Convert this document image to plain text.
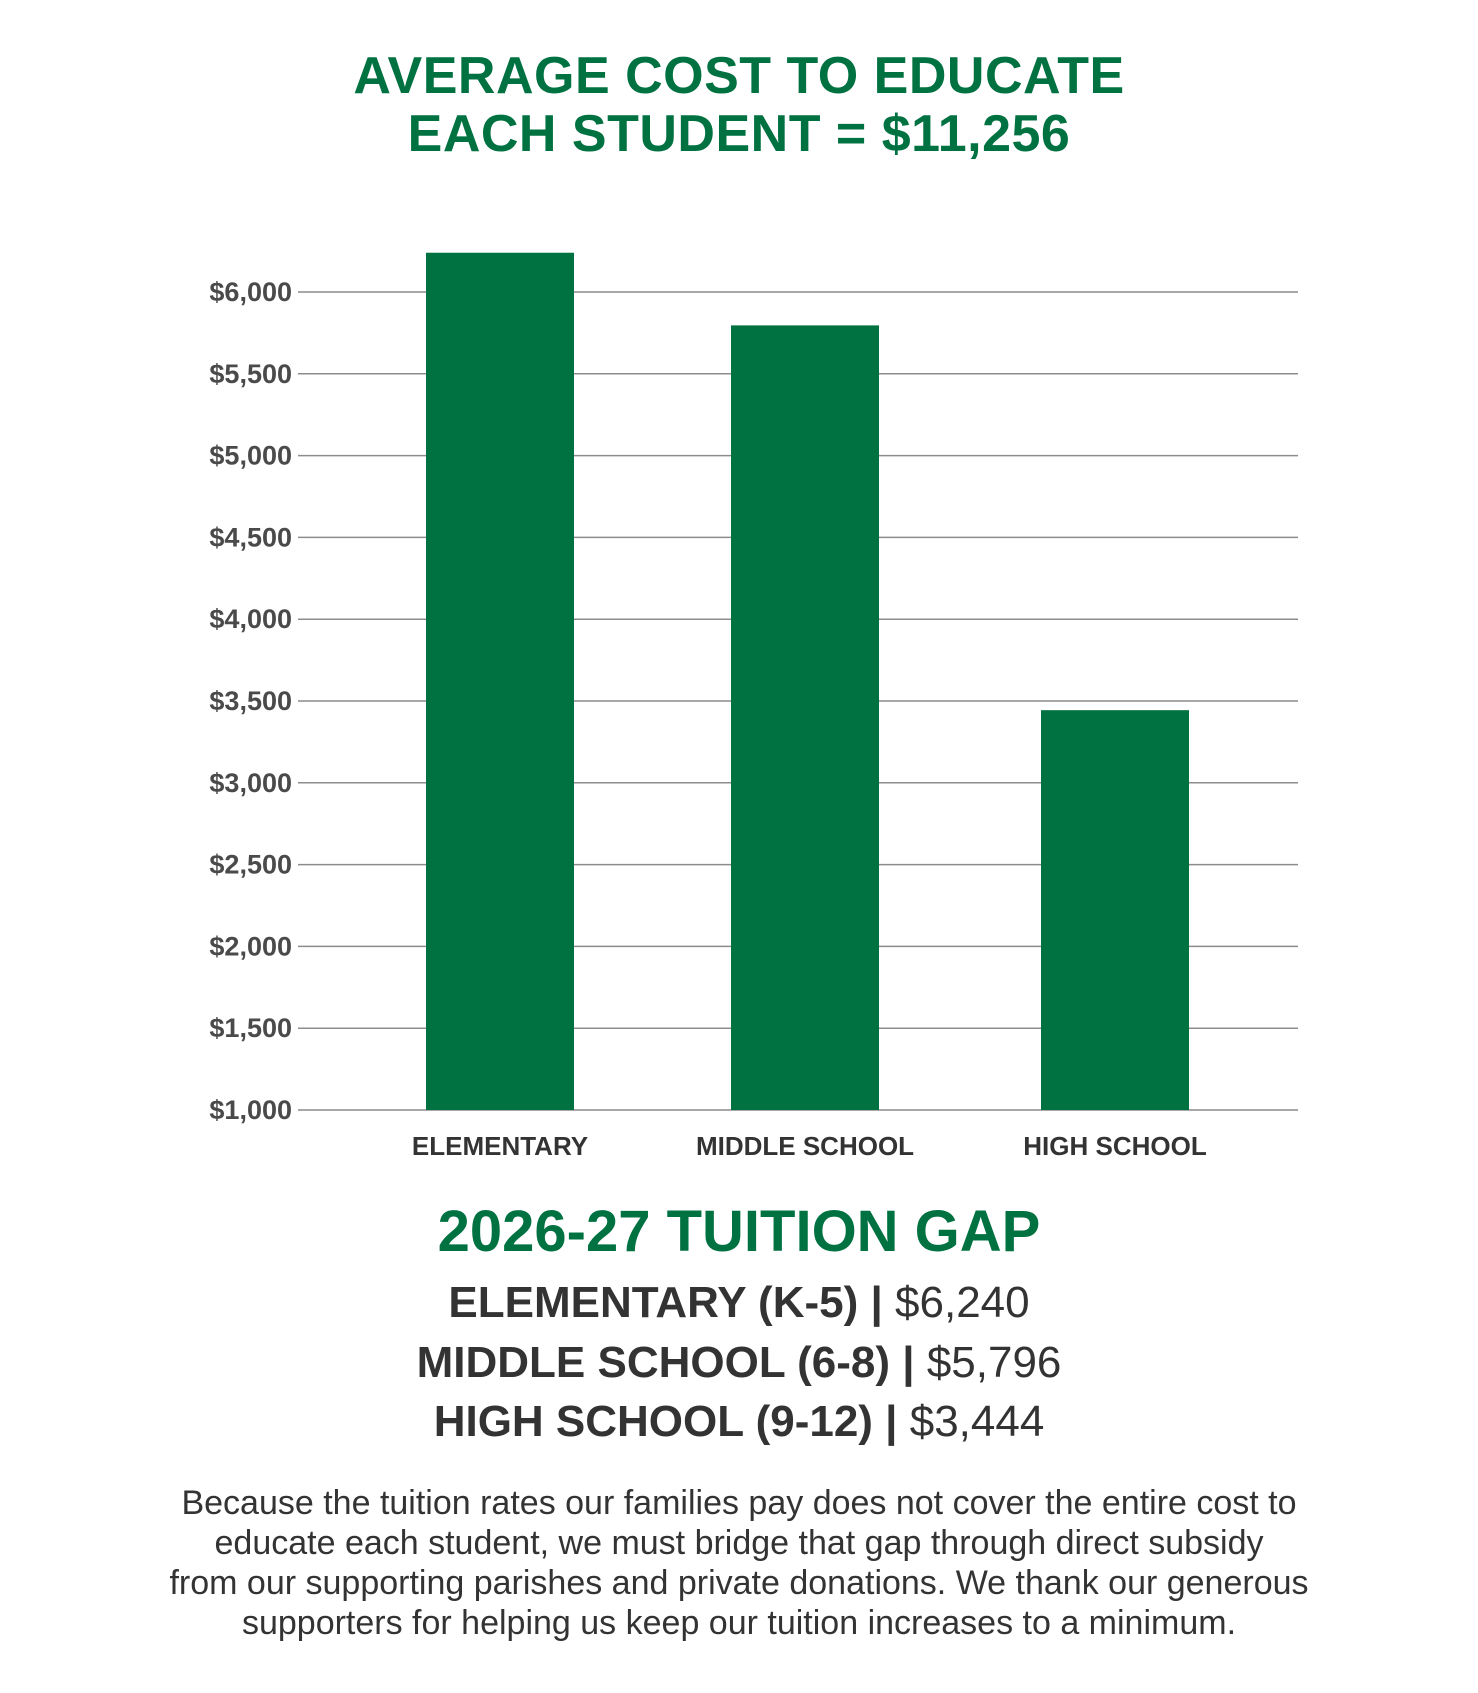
AVERAGE COST TO EDUCATE
EACH STUDENT = $11,256
$1,000
$1,500
$2,000
$2,500
$3,000
$3,500
$4,000
$4,500
$5,000
$5,500
$6,000
ELEMENTARY	MIDDLE SCHOOL	HIGH SCHOOL
2026-27 TUITION GAP
ELEMENTARY (K-5) | $6,240
MIDDLE SCHOOL (6-8) | $5,796
HIGH SCHOOL (9-12) | $3,444
Because the tuition rates our families pay does not cover the entire cost to
educate each student, we must bridge that gap through direct subsidy
from our supporting parishes and private donations. We thank our generous
supporters for helping us keep our tuition increases to a minimum.
